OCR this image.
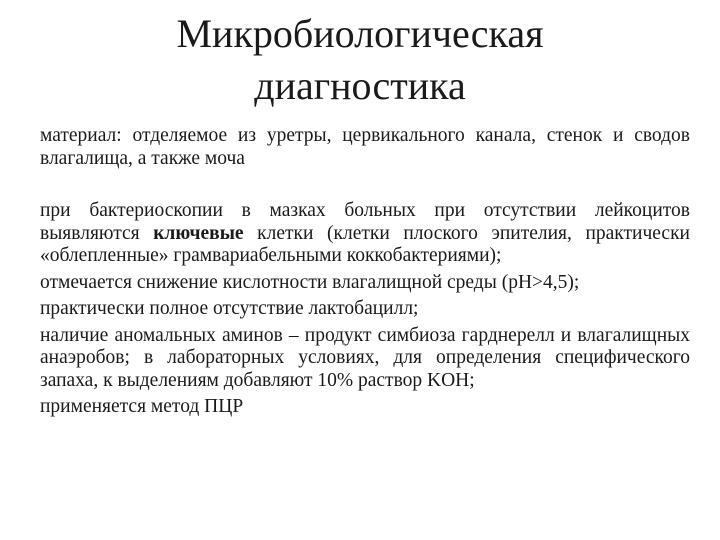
Микробиологическая
диагностика

материал: отделяемое из уретры, цервикального канала, стенок и сводов влагалища, а также моча

при бактериоскопии в мазках больных при отсутствии лейкоцитов выявляются ключевые клетки (клетки плоского эпителия, практически «облепленные» грамвариабельными коккобактериями);

отмечается снижение кислотности влагалищной среды (pH>4,5);

практически полное отсутствие лактобацилл;

наличие аномальных аминов – продукт симбиоза гарднерелл и влагалищных анаэробов; в лабораторных условиях, для определения специфического запаха, к выделениям добавляют 10% раствор KOH;

применяется метод ПЦР
